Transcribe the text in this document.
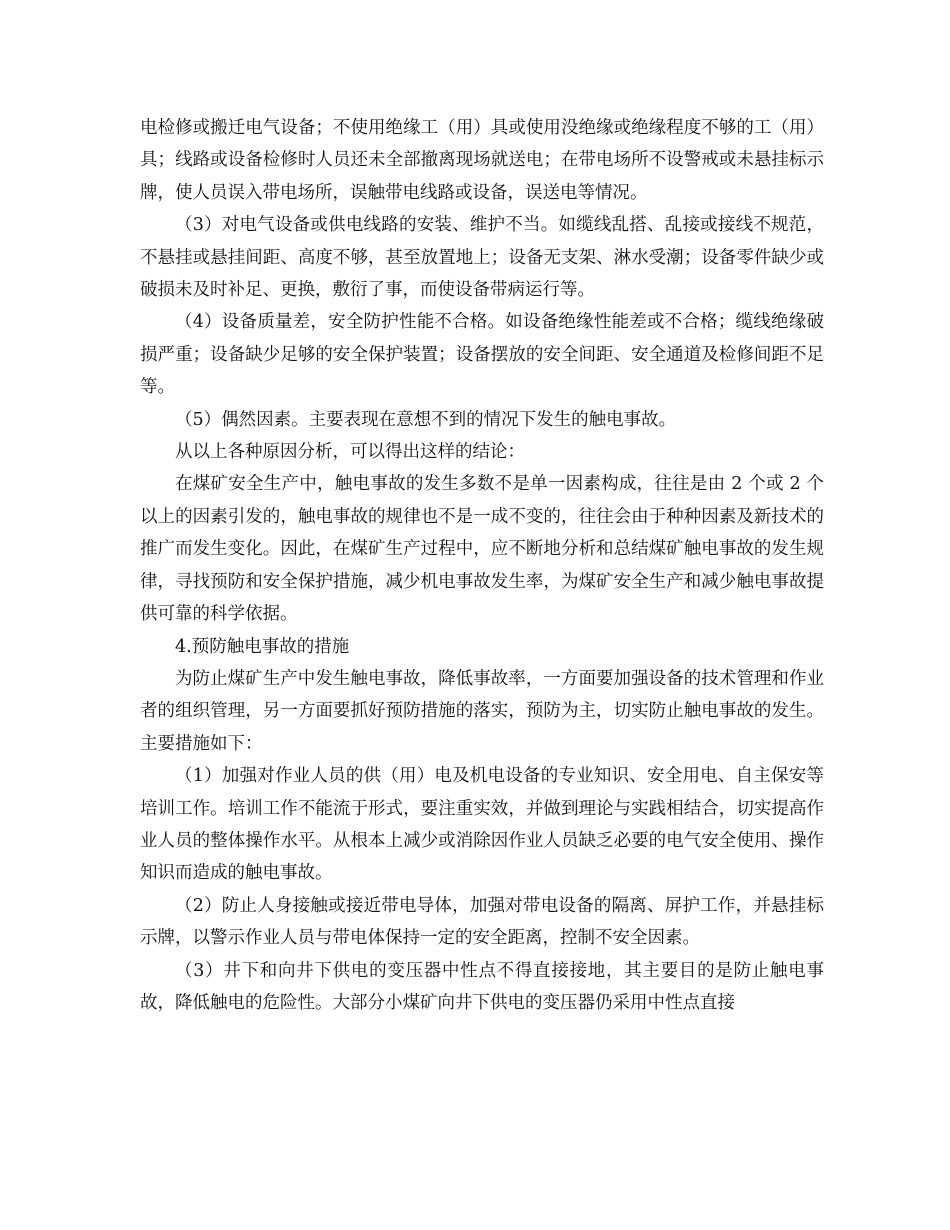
电检修或搬迁电气设备；不使用绝缘工（用）具或使用没绝缘或绝缘程度不够的工（用）具；线路或设备检修时人员还未全部撤离现场就送电；在带电场所不设警戒或未悬挂标示牌，使人员误入带电场所，误触带电线路或设备，误送电等情况。

（3）对电气设备或供电线路的安装、维护不当。如缆线乱搭、乱接或接线不规范，不悬挂或悬挂间距、高度不够，甚至放置地上；设备无支架、淋水受潮；设备零件缺少或破损未及时补足、更换，敷衍了事，而使设备带病运行等。

（4）设备质量差，安全防护性能不合格。如设备绝缘性能差或不合格；缆线绝缘破损严重；设备缺少足够的安全保护装置；设备摆放的安全间距、安全通道及检修间距不足等。

（5）偶然因素。主要表现在意想不到的情况下发生的触电事故。

从以上各种原因分析，可以得出这样的结论：

在煤矿安全生产中，触电事故的发生多数不是单一因素构成，往往是由 2 个或 2 个以上的因素引发的，触电事故的规律也不是一成不变的，往往会由于种种因素及新技术的推广而发生变化。因此，在煤矿生产过程中，应不断地分析和总结煤矿触电事故的发生规律，寻找预防和安全保护措施，减少机电事故发生率，为煤矿安全生产和减少触电事故提供可靠的科学依据。

4.预防触电事故的措施

为防止煤矿生产中发生触电事故，降低事故率，一方面要加强设备的技术管理和作业者的组织管理，另一方面要抓好预防措施的落实，预防为主，切实防止触电事故的发生。主要措施如下：

（1）加强对作业人员的供（用）电及机电设备的专业知识、安全用电、自主保安等培训工作。培训工作不能流于形式，要注重实效，并做到理论与实践相结合，切实提高作业人员的整体操作水平。从根本上减少或消除因作业人员缺乏必要的电气安全使用、操作知识而造成的触电事故。

（2）防止人身接触或接近带电导体，加强对带电设备的隔离、屏护工作，并悬挂标示牌，以警示作业人员与带电体保持一定的安全距离，控制不安全因素。

（3）井下和向井下供电的变压器中性点不得直接接地，其主要目的是防止触电事故，降低触电的危险性。大部分小煤矿向井下供电的变压器仍采用中性点直接
